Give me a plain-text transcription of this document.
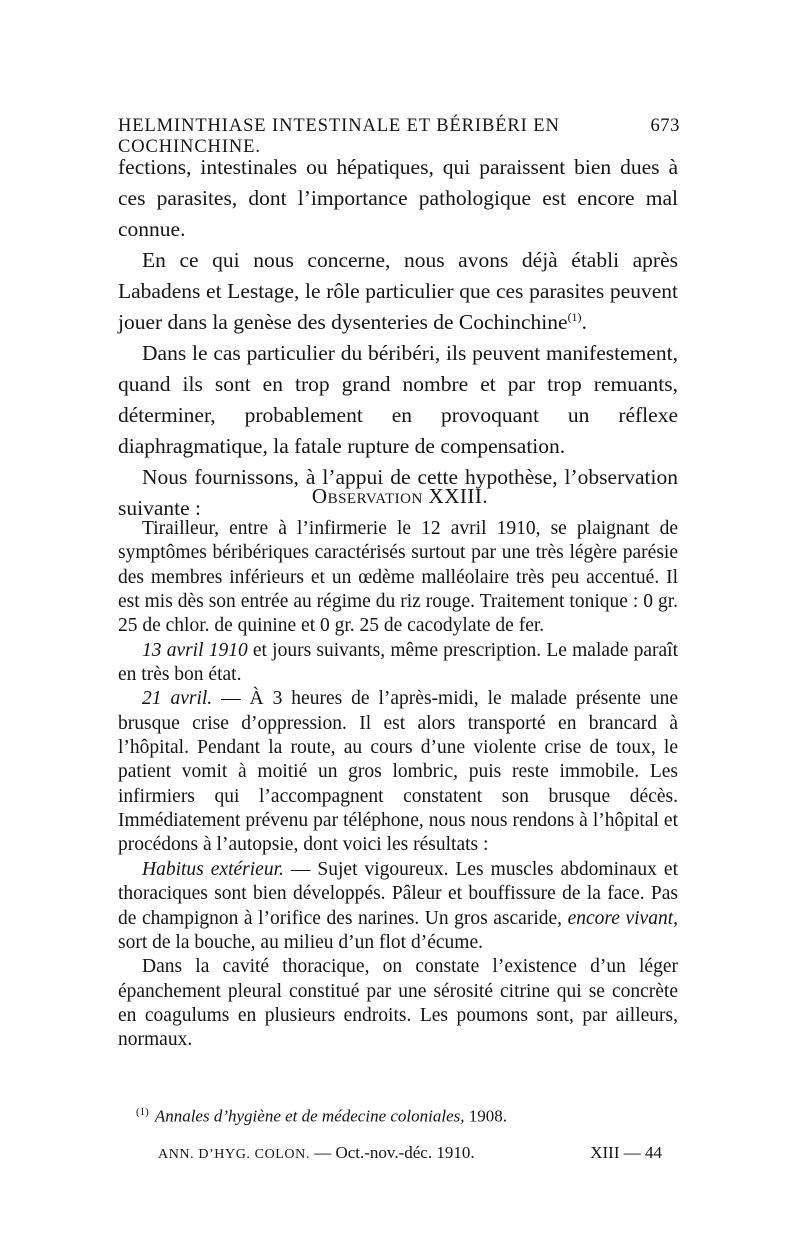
HELMINTHIASE INTESTINALE ET BÉRIBÉRI EN COCHINCHINE.
673

fections, intestinales ou hépatiques, qui paraissent bien dues à ces parasites, dont l’importance pathologique est encore mal connue.

En ce qui nous concerne, nous avons déjà établi après Labadens et Lestage, le rôle particulier que ces parasites peuvent jouer dans la genèse des dysenteries de Cochinchine$^{(1)}$.

Dans le cas particulier du béribéri, ils peuvent manifestement, quand ils sont en trop grand nombre et par trop remuants, déterminer, probablement en provoquant un réflexe diaphragmatique, la fatale rupture de compensation.

Nous fournissons, à l’appui de cette hypothèse, l’observation suivante :	Observation XXIII.

Tirailleur, entre à l’infirmerie le 12 avril 1910, se plaignant de symptômes béribériques caractérisés surtout par une très légère parésie des membres inférieurs et un œdème malléolaire très peu accentué. Il est mis dès son entrée au régime du riz rouge. Traitement tonique : 0 gr. 25 de chlor. de quinine et 0 gr. 25 de cacodylate de fer.

13 avril 1910 et jours suivants, même prescription. Le malade paraît en très bon état.

21 avril. — À 3 heures de l’après-midi, le malade présente une brusque crise d’oppression. Il est alors transporté en brancard à l’hôpital. Pendant la route, au cours d’une violente crise de toux, le patient vomit à moitié un gros lombric, puis reste immobile. Les infirmiers qui l’accompagnent constatent son brusque décès. Immédiatement prévenu par téléphone, nous nous rendons à l’hôpital et procédons à l’autopsie, dont voici les résultats :

Habitus extérieur. — Sujet vigoureux. Les muscles abdominaux et thoraciques sont bien développés. Pâleur et bouffissure de la face. Pas de champignon à l’orifice des narines. Un gros ascaride, encore vivant, sort de la bouche, au milieu d’un flot d’écume.

Dans la cavité thoracique, on constate l’existence d’un léger épanchement pleural constitué par une sérosité citrine qui se concrète en coagulums en plusieurs endroits. Les poumons sont, par ailleurs, normaux.

$^{(1)}$ Annales d’hygiène et de médecine coloniales, 1908.
ANN. D’HYG. COLON. — Oct.-nov.-déc. 1910.	XIII — 44
